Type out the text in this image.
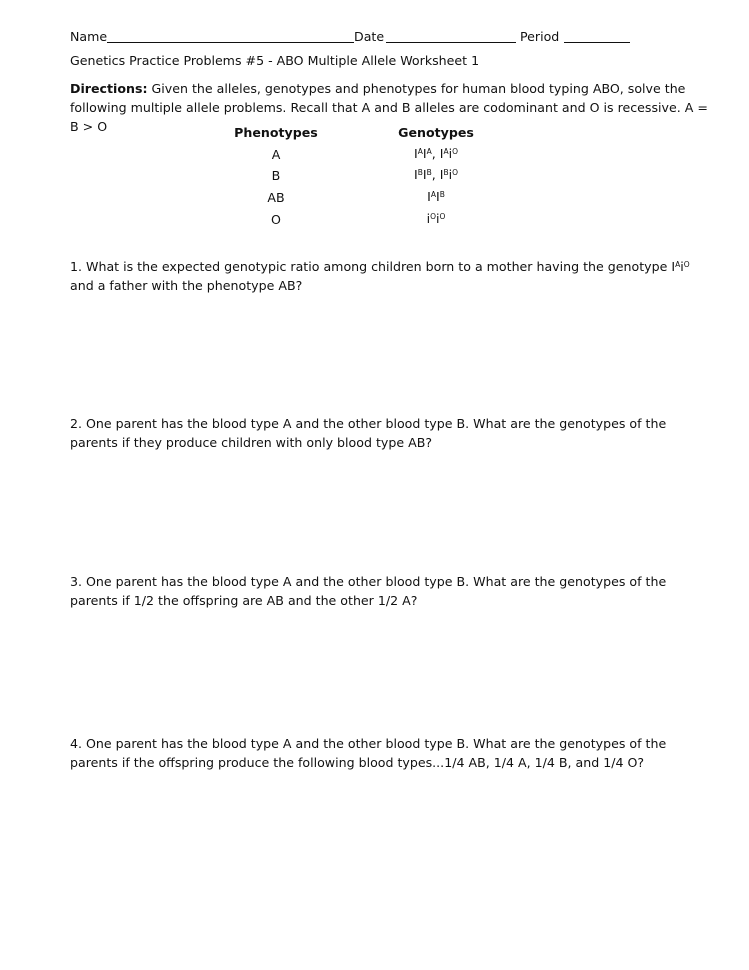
Name	Date	Period
Genetics Practice Problems #5 - ABO Multiple Allele Worksheet 1
Directions: Given the alleles, genotypes and phenotypes for human blood typing ABO, solve the following multiple allele problems. Recall that A and B alleles are codominant and O is recessive. A = B > O	Phenotypes	Genotypes
A	$I^AI^A$, $I^Ai^O$
B	$I^BI^B$, $I^Bi^O$
AB	$I^AI^B$
O	$i^Oi^O$
1. What is the expected genotypic ratio among children born to a mother having the genotype $I^Ai^O$ and a father with the phenotype AB?
2. One parent has the blood type A and the other blood type B. What are the genotypes of the parents if they produce children with only blood type AB?
3. One parent has the blood type A and the other blood type B. What are the genotypes of the parents if 1/2 the offspring are AB and the other 1/2 A?
4. One parent has the blood type A and the other blood type B. What are the genotypes of the parents if the offspring produce the following blood types...1/4 AB, 1/4 A, 1/4 B, and 1/4 O?
